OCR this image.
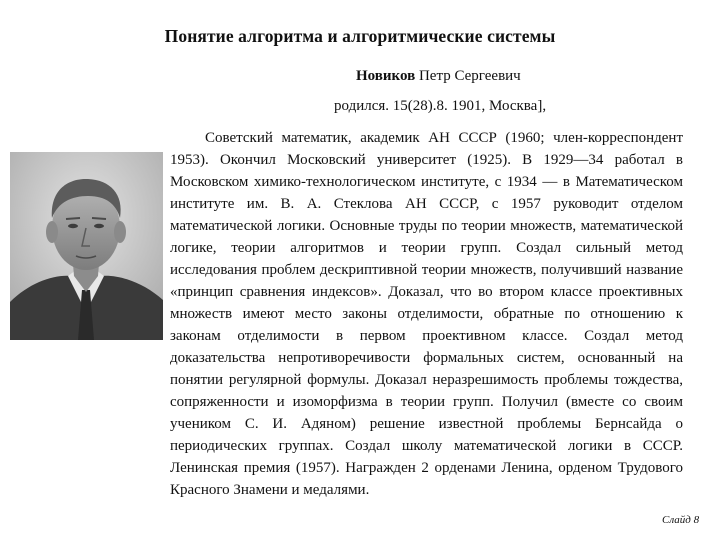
Понятие алгоритма и алгоритмические системы
Новиков Петр Сергеевич
родился. 15(28).8. 1901, Москва],

Советский математик, академик АН СССР (1960; член-корреспондент 1953). Окончил Московский университет (1925). В 1929—34 работал в Московском химико-технологическом институте, с 1934 — в Математическом институте им. В. А. Стеклова АН СССР, с 1957 руководит отделом математической логики. Основные труды по теории множеств, математической логике, теории алгоритмов и теории групп. Создал сильный метод исследования проблем дескриптивной теории множеств, получивший название «принцип сравнения индексов». Доказал, что во втором классе проективных множеств имеют место законы отделимости, обратные по отношению к законам отделимости в первом проективном классе. Создал метод доказательства непротиворечивости формальных систем, основанный на понятии регулярной формулы. Доказал неразрешимость проблемы тождества, сопряженности и изоморфизма в теории групп. Получил (вместе со своим учеником С. И. Адяном) решение известной проблемы Бернсайда о периодических группах. Создал школу математической логики в СССР. Ленинская премия (1957). Награжден 2 орденами Ленина, орденом Трудового Красного Знамени и медалями.

Слайд 8
